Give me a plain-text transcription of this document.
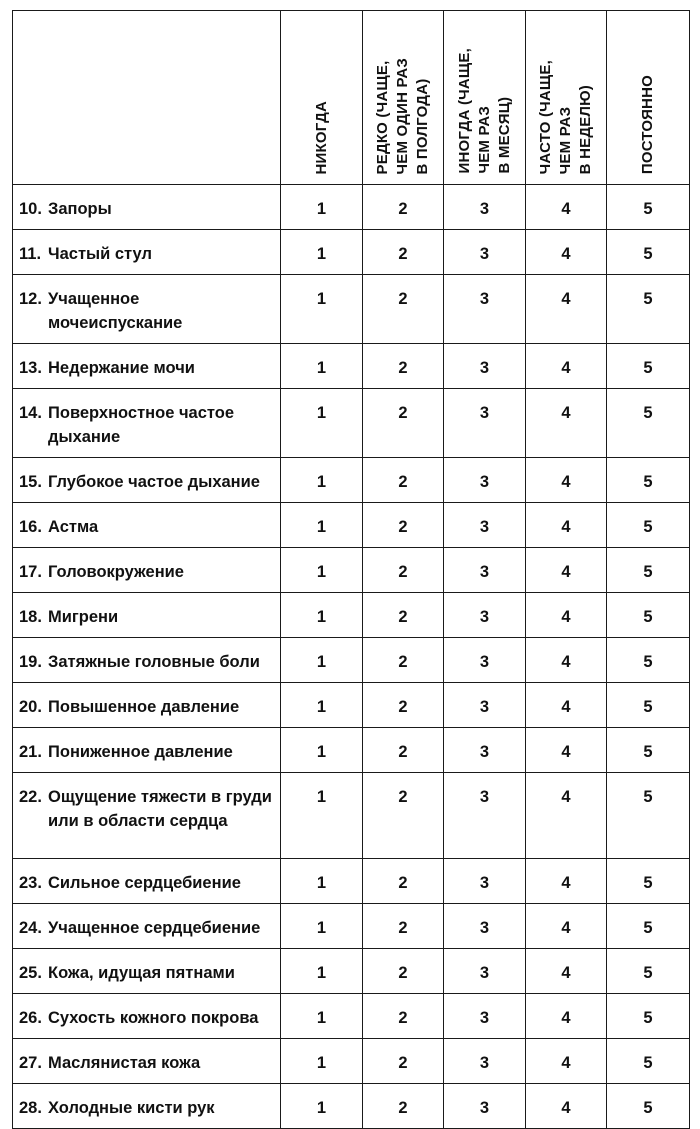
	НИКОГДА	РЕДКО (ЧАЩЕ,
ЧЕМ ОДИН РАЗ
В ПОЛГОДА)	ИНОГДА (ЧАЩЕ,
ЧЕМ РАЗ
В МЕСЯЦ)	ЧАСТО (ЧАЩЕ,
ЧЕМ РАЗ
В НЕДЕЛЮ)	ПОСТОЯННО

10. Запоры	1	2	3	4	5

11. Частый стул	1	2	3	4	5

12. Учащенное мочеиспускание	1	2	3	4	5

13. Недержание мочи	1	2	3	4	5

14. Поверхностное частое дыхание	1	2	3	4	5

15. Глубокое частое дыхание	1	2	3	4	5

16. Астма	1	2	3	4	5

17. Головокружение	1	2	3	4	5

18. Мигрени	1	2	3	4	5

19. Затяжные головные боли	1	2	3	4	5

20. Повышенное давление	1	2	3	4	5

21. Пониженное давление	1	2	3	4	5

22. Ощущение тяжести в груди или в области сердца	1	2	3	4	5

23. Сильное сердцебиение	1	2	3	4	5

24. Учащенное сердцебиение	1	2	3	4	5

25. Кожа, идущая пятнами	1	2	3	4	5

26. Сухость кожного покрова	1	2	3	4	5

27. Маслянистая кожа	1	2	3	4	5

28. Холодные кисти рук	1	2	3	4	5
